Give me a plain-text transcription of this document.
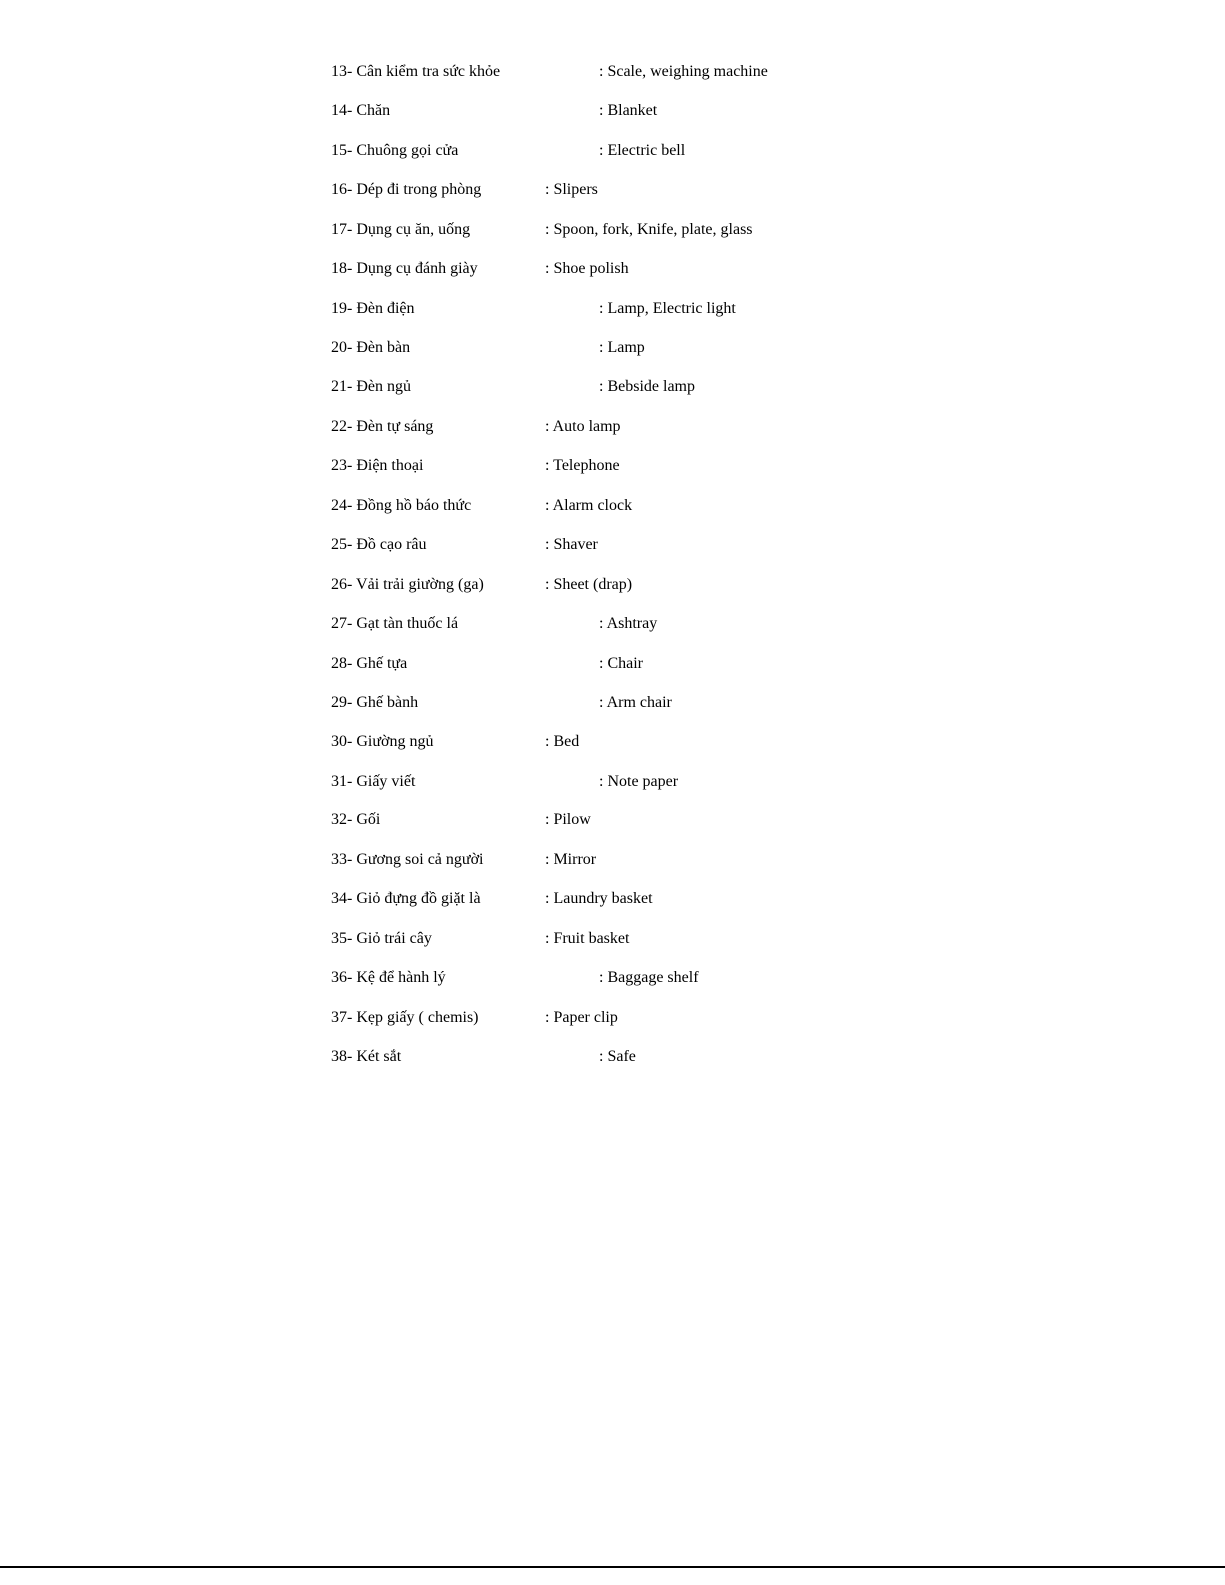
13- Cân kiểm tra sức khỏe	: Scale, weighing machine
14- Chăn	: Blanket
15- Chuông gọi cửa	: Electric bell
16- Dép đi trong phòng	: Slipers
17- Dụng cụ ăn, uống	: Spoon, fork, Knife, plate, glass
18- Dụng cụ đánh giày	: Shoe polish
19- Đèn điện	: Lamp, Electric light
20- Đèn bàn	: Lamp
21- Đèn ngủ	: Bebside lamp
22- Đèn tự sáng	: Auto lamp
23- Điện thoại	: Telephone
24- Đồng hồ báo thức	: Alarm clock
25- Đồ cạo râu	: Shaver
26- Vải trải giường (ga)	: Sheet (drap)
27- Gạt tàn thuốc lá	: Ashtray
28- Ghế tựa	: Chair
29- Ghế bành	: Arm chair
30- Giường ngủ	: Bed
31- Giấy viết	: Note paper
32- Gối	: Pilow
33- Gương soi cả người	: Mirror
34- Giỏ đựng đồ giặt là	: Laundry basket
35- Giỏ trái cây	: Fruit basket
36- Kệ để hành lý	: Baggage shelf
37- Kẹp giấy ( chemis)	: Paper clip
38- Két sắt	: Safe
